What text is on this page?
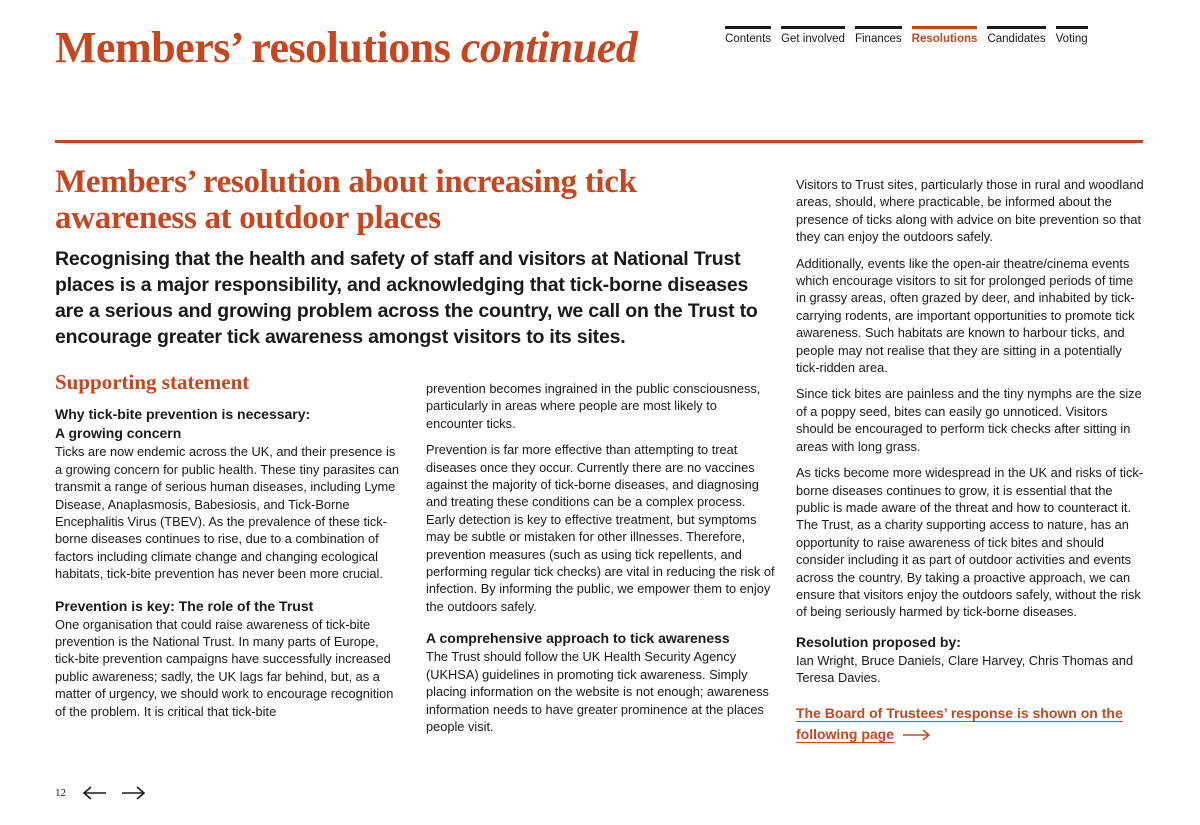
Members’ resolutions continued	Contents Get involved Finances Resolutions Candidates Voting
Members’ resolution about increasing tick awareness at outdoor places

Recognising that the health and safety of staff and visitors at National Trust places is a major responsibility, and acknowledging that tick-borne diseases are a serious and growing problem across the country, we call on the Trust to encourage greater tick awareness amongst visitors to its sites.

Supporting statement
Why tick-bite prevention is necessary:
A growing concern

Ticks are now endemic across the UK, and their presence is a growing concern for public health. These tiny parasites can transmit a range of serious human diseases, including Lyme Disease, Anaplasmosis, Babesiosis, and Tick-Borne Encephalitis Virus (TBEV). As the prevalence of these tick-borne diseases continues to rise, due to a combination of factors including climate change and changing ecological habitats, tick-bite prevention has never been more crucial.

Prevention is key: The role of the Trust

One organisation that could raise awareness of tick-bite prevention is the National Trust. In many parts of Europe, tick-bite prevention campaigns have successfully increased public awareness; sadly, the UK lags far behind, but, as a matter of urgency, we should work to encourage recognition of the problem. It is critical that tick-bite

prevention becomes ingrained in the public consciousness, particularly in areas where people are most likely to encounter ticks.

Prevention is far more effective than attempting to treat diseases once they occur. Currently there are no vaccines against the majority of tick-borne diseases, and diagnosing and treating these conditions can be a complex process. Early detection is key to effective treatment, but symptoms may be subtle or mistaken for other illnesses. Therefore, prevention measures (such as using tick repellents, and performing regular tick checks) are vital in reducing the risk of infection. By informing the public, we empower them to enjoy the outdoors safely.

A comprehensive approach to tick awareness

The Trust should follow the UK Health Security Agency (UKHSA) guidelines in promoting tick awareness. Simply placing information on the website is not enough; awareness information needs to have greater prominence at the places people visit.

Visitors to Trust sites, particularly those in rural and woodland areas, should, where practicable, be informed about the presence of ticks along with advice on bite prevention so that they can enjoy the outdoors safely.

Additionally, events like the open-air theatre/cinema events which encourage visitors to sit for prolonged periods of time in grassy areas, often grazed by deer, and inhabited by tick-carrying rodents, are important opportunities to promote tick awareness. Such habitats are known to harbour ticks, and people may not realise that they are sitting in a potentially tick-ridden area.

Since tick bites are painless and the tiny nymphs are the size of a poppy seed, bites can easily go unnoticed. Visitors should be encouraged to perform tick checks after sitting in areas with long grass.

As ticks become more widespread in the UK and risks of tick-borne diseases continues to grow, it is essential that the public is made aware of the threat and how to counteract it. The Trust, as a charity supporting access to nature, has an opportunity to raise awareness of tick bites and should consider including it as part of outdoor activities and events across the country. By taking a proactive approach, we can ensure that visitors enjoy the outdoors safely, without the risk of being seriously harmed by tick-borne diseases.

Resolution proposed by:

Ian Wright, Bruce Daniels, Clare Harvey, Chris Thomas and Teresa Davies.

The Board of Trustees’ response is shown on the following page
12
